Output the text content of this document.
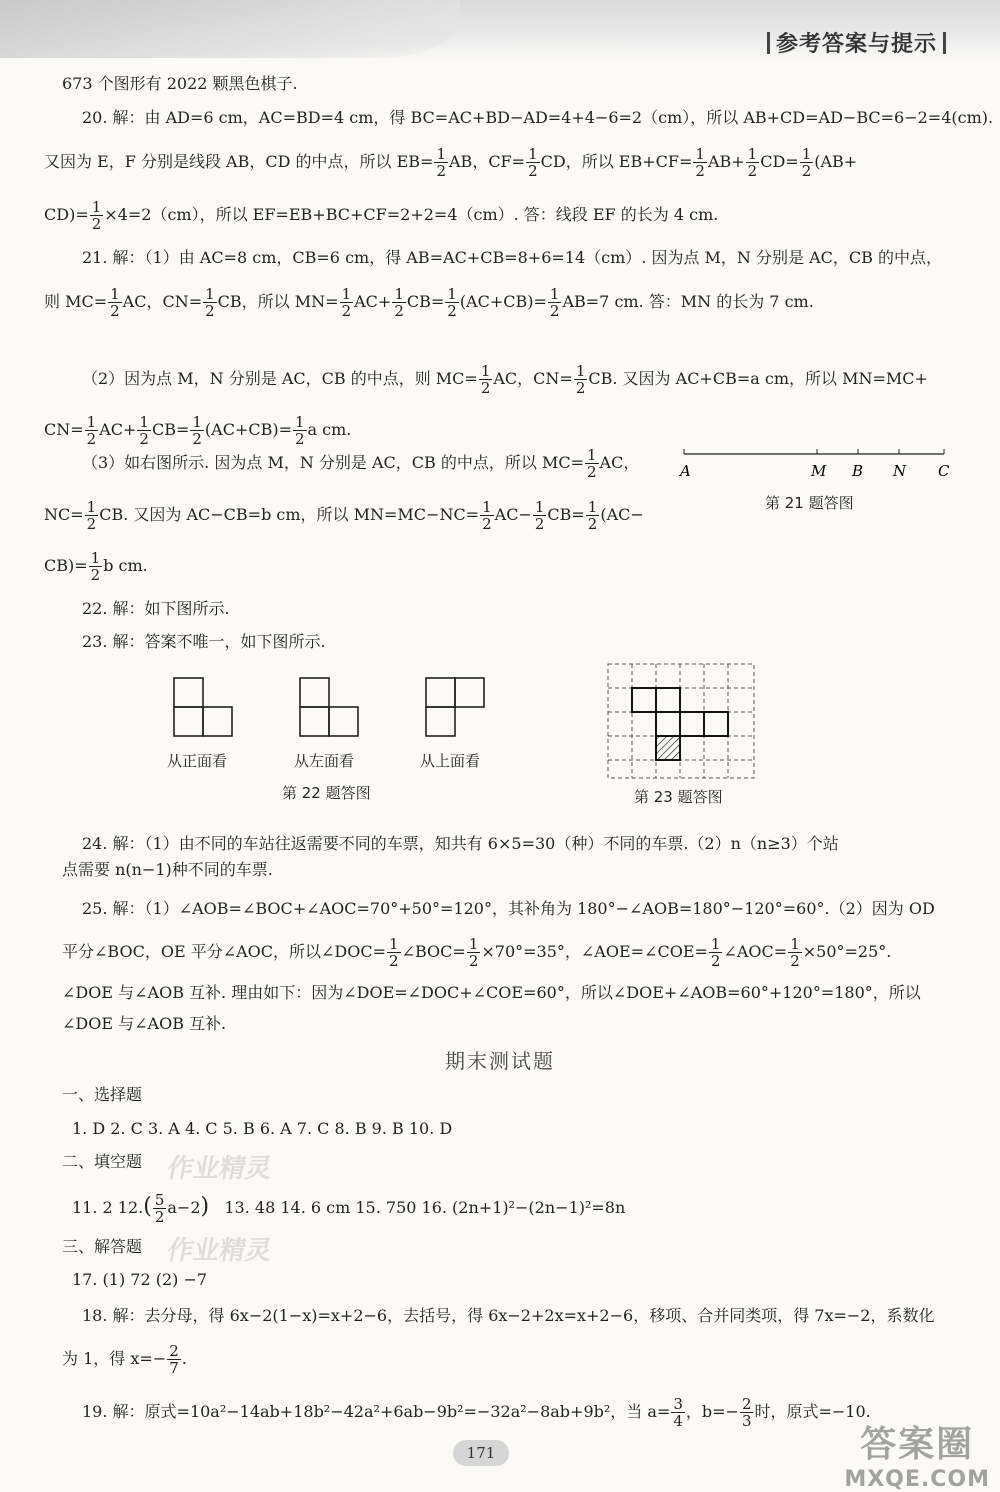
参考答案与提示
673 个图形有 2022 颗黑色棋子.
20. 解：由 AD=6 cm，AC=BD=4 cm，得 BC=AC+BD−AD=4+4−6=2（cm），所以 AB+CD=AD−BC=6−2=4(cm).
又因为 E，F 分别是线段 AB，CD 的中点，所以 $EB= \frac{1}{2}$ AB，$CF= \frac{1}{2}$ CD，所以 $EB+CF= \frac{1}{2} AB+ \frac{1}{2} CD= \frac{1}{2} (AB+$
$CD)= \frac{1}{2} \times 4=2(cm)$，所以 EF=EB+BC+CF=2+2=4（cm）. 答：线段 EF 的长为 4 cm.
21. 解：（1）由 AC=8 cm，CB=6 cm，得 AB=AC+CB=8+6=14（cm）. 因为点 M，N 分别是 AC，CB 的中点，
则 $MC= \frac{1}{2}$ AC，$CN= \frac{1}{2}$ CB，所以 $MN= \frac{1}{2} AC+ \frac{1}{2} CB= \frac{1}{2} (AC+CB)= \frac{1}{2} AB=7$ cm. 答：MN 的长为 7 cm.
（2）因为点 M，N 分别是 AC，CB 的中点，则 $MC= \frac{1}{2}$ AC，$CN= \frac{1}{2}$ CB. 又因为 AC+CB=a cm，所以 MN=MC+
$CN= \frac{1}{2} AC+ \frac{1}{2} CB= \frac{1}{2} (AC+CB)= \frac{1}{2}$ a cm.
（3）如右图所示. 因为点 M，N 分别是 AC，CB 的中点，所以 $MC= \frac{1}{2}$ AC，
$NC= \frac{1}{2}$ CB. 又因为 AC−CB=b cm，所以 $MN=MC-NC= \frac{1}{2} AC- \frac{1}{2} CB= \frac{1}{2} (AC-$
$CB)= \frac{1}{2}$ b cm.
A	M B N C
第 21 题答图
22. 解：如下图所示.
23. 解：答案不唯一，如下图所示.
从正面看	从左面看	从上面看
第 22 题答图	第 23 题答图
24. 解：（1）由不同的车站往返需要不同的车票，知共有 6×5=30（种）不同的车票.（2）n（n≥3）个站
点需要 n(n−1)种不同的车票.
25. 解：（1）∠AOB=∠BOC+∠AOC=70°+50°=120°，其补角为 180°−∠AOB=180°−120°=60°.（2）因为 OD
平分∠BOC，OE 平分∠AOC，所以∠DOC= $\frac{1}{2}$ ∠BOC= $\frac{1}{2} \times 70^\circ=35^\circ$，∠AOE=∠COE= $\frac{1}{2}$ ∠AOC= $\frac{1}{2} \times 50^\circ=25^\circ$.
∠DOE 与∠AOB 互补. 理由如下：因为∠DOE=∠DOC+∠COE=60°，所以∠DOE+∠AOB=60°+120°=180°，所以
∠DOE 与∠AOB 互补.
期末测试题
一、选择题
1. D 2. C 3. A 4. C 5. B 6. A 7. C 8. B 9. B 10. D
二、填空题
11. 2 $12.( \frac{5}{2} a-2)$ 13. 48 14. 6 cm 15. 750 16. (2n+1)²−(2n−1)²=8n
三、解答题
17. (1) 72 (2) −7
18. 解：去分母，得 6x−2(1−x)=x+2−6，去括号，得 6x−2+2x=x+2−6，移项、合并同类项，得 7x=−2，系数化
为 1，得 $x=- \frac{2}{7}$ .
19. 解：原式=10a²−14ab+18b²−42a²+6ab−9b²=−32a²−8ab+9b²，当 $a= \frac{3}{4}$ ，$b=- \frac{2}{3}$ 时，原式=−10.
作业精灵
作业精灵
171	答案圈
MXQE.COM
